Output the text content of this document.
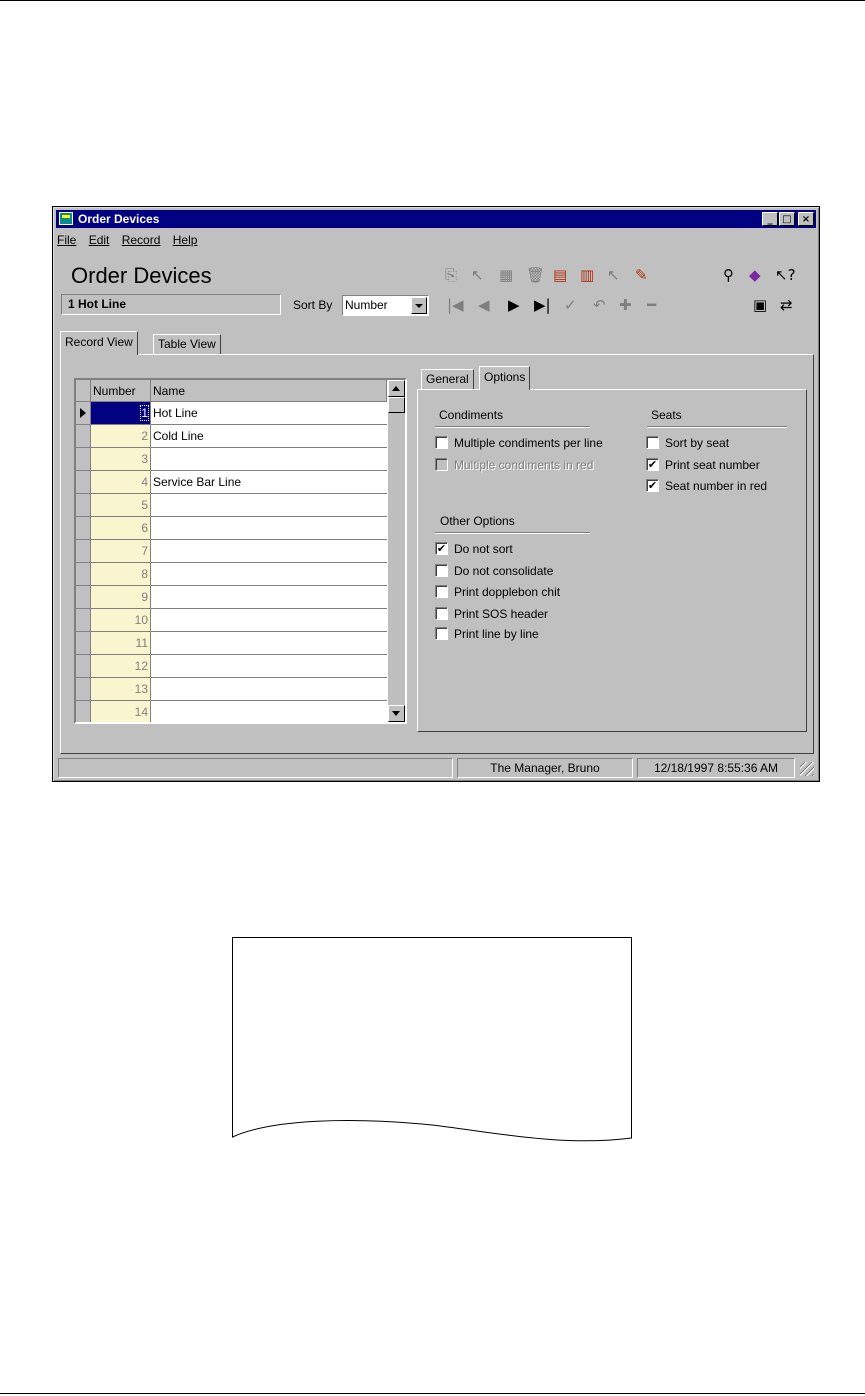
Order Devices	_ □	×
File Edit Record Help
Order Devices
1 Hot Line	Sort By Number
⎘ ↖ ▦ 🗑 ▤ ▥ ↖ ✎	⚲ ◆ ↖?
|◀ ◀ ▶ ▶| ✓ ↶ ✚ ━	▣ ⇄
Record View	Table View
Number	Name
1 Hot Line
2 Cold Line
3
4 Service Bar Line
5
6
7
8
9
10
11
12
13
14
General	Options
Condiments
Multiple condiments per line
Multiple condiments in red
Seats
Sort by seat
✔ Print seat number
✔ Seat number in red
Other Options
✔ Do not sort
Do not consolidate
Print dopplebon chit
Print SOS header
Print line by line
The Manager, Bruno	12/18/1997 8:55:36 AM
